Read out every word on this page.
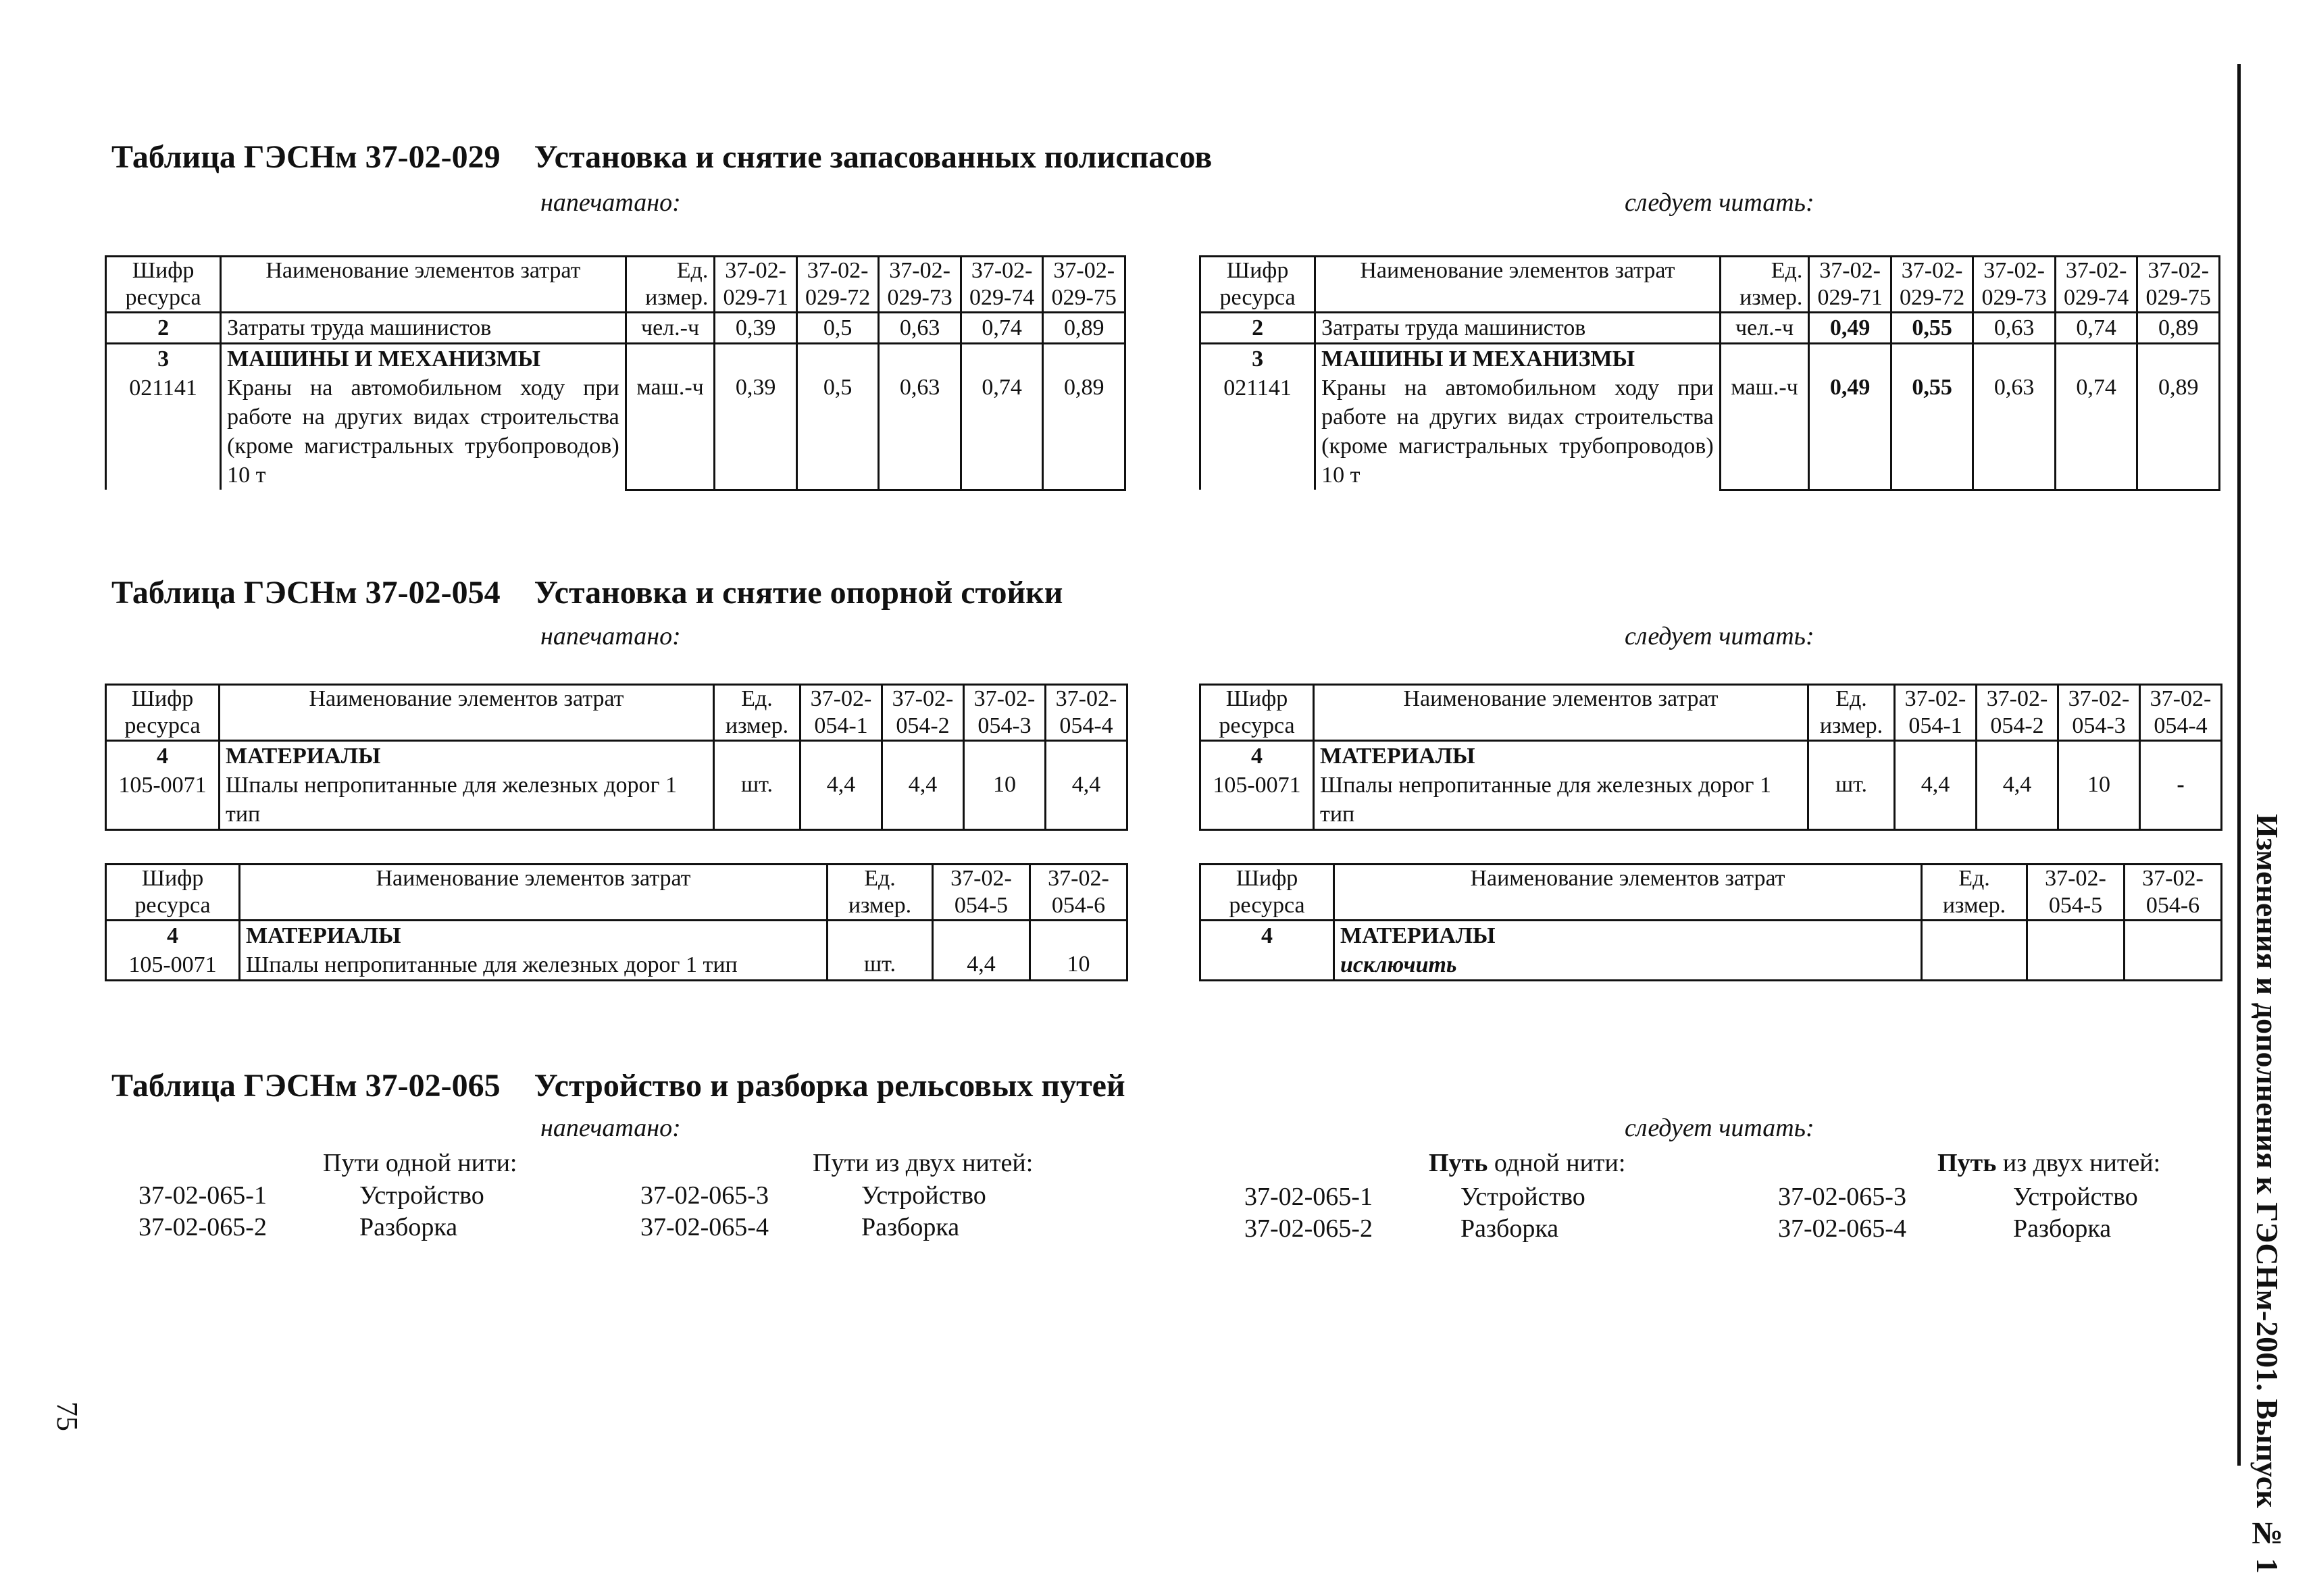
Таблица ГЭСНм 37-02-029 Установка и снятие запасованных полиспасов
напечатано:	следует читать:
Шифр ресурса	Наименование элементов затрат	Ед. измер.	37-02-029-71	37-02-029-72	37-02-029-73	37-02-029-74	37-02-029-75
2	Затраты труда машинистов	чел.-ч	0,39	0,5	0,63	0,74	0,89

3
021141	МАШИНЫ И МЕХАНИЗМЫ
Краны на автомобильном ходу при работе на других видах строительства (кроме магистральных трубопроводов) 10 т	маш.-ч	0,39	0,5	0,63	0,74	0,89
Шифр ресурса	Наименование элементов затрат	Ед. измер.	37-02-029-71	37-02-029-72	37-02-029-73	37-02-029-74	37-02-029-75
2	Затраты труда машинистов	чел.-ч	0,49	0,55	0,63	0,74	0,89

3
021141	МАШИНЫ И МЕХАНИЗМЫ
Краны на автомобильном ходу при работе на других видах строительства (кроме магистральных трубопроводов) 10 т	маш.-ч	0,49	0,55	0,63	0,74	0,89
Таблица ГЭСНм 37-02-054 Установка и снятие опорной стойки
напечатано:	следует читать:
Шифр ресурса	Наименование элементов затрат	Ед. измер.	37-02-054-1	37-02-054-2	37-02-054-3	37-02-054-4

4
105-0071	МАТЕРИАЛЫ
Шпалы непропитанные для железных дорог 1 тип	шт.	4,4	4,4	10	4,4
Шифр ресурса	Наименование элементов затрат	Ед. измер.	37-02-054-1	37-02-054-2	37-02-054-3	37-02-054-4

4
105-0071	МАТЕРИАЛЫ
Шпалы непропитанные для железных дорог 1 тип	шт.	4,4	4,4	10	-
Шифр ресурса	Наименование элементов затрат	Ед. измер.	37-02-054-5	37-02-054-6

4
105-0071	МАТЕРИАЛЫ
Шпалы непропитанные для железных дорог 1 тип	шт.	4,4	10
Шифр ресурса	Наименование элементов затрат	Ед. измер.	37-02-054-5	37-02-054-6

4	МАТЕРИАЛЫ
исключить			

Таблица ГЭСНм 37-02-065 Устройство и разборка рельсовых путей
напечатано:	следует читать:
Пути одной нити:	Пути из двух нитей:
37-02-065-1	Устройство
37-02-065-2	Разборка
37-02-065-3	Устройство
37-02-065-4	Разборка
Путь одной нити:	Путь из двух нитей:
37-02-065-1	Устройство
37-02-065-2	Разборка
37-02-065-3	Устройство
37-02-065-4	Разборка	Изменения и дополнения к ГЭСНм-2001. Выпуск № 1
75
